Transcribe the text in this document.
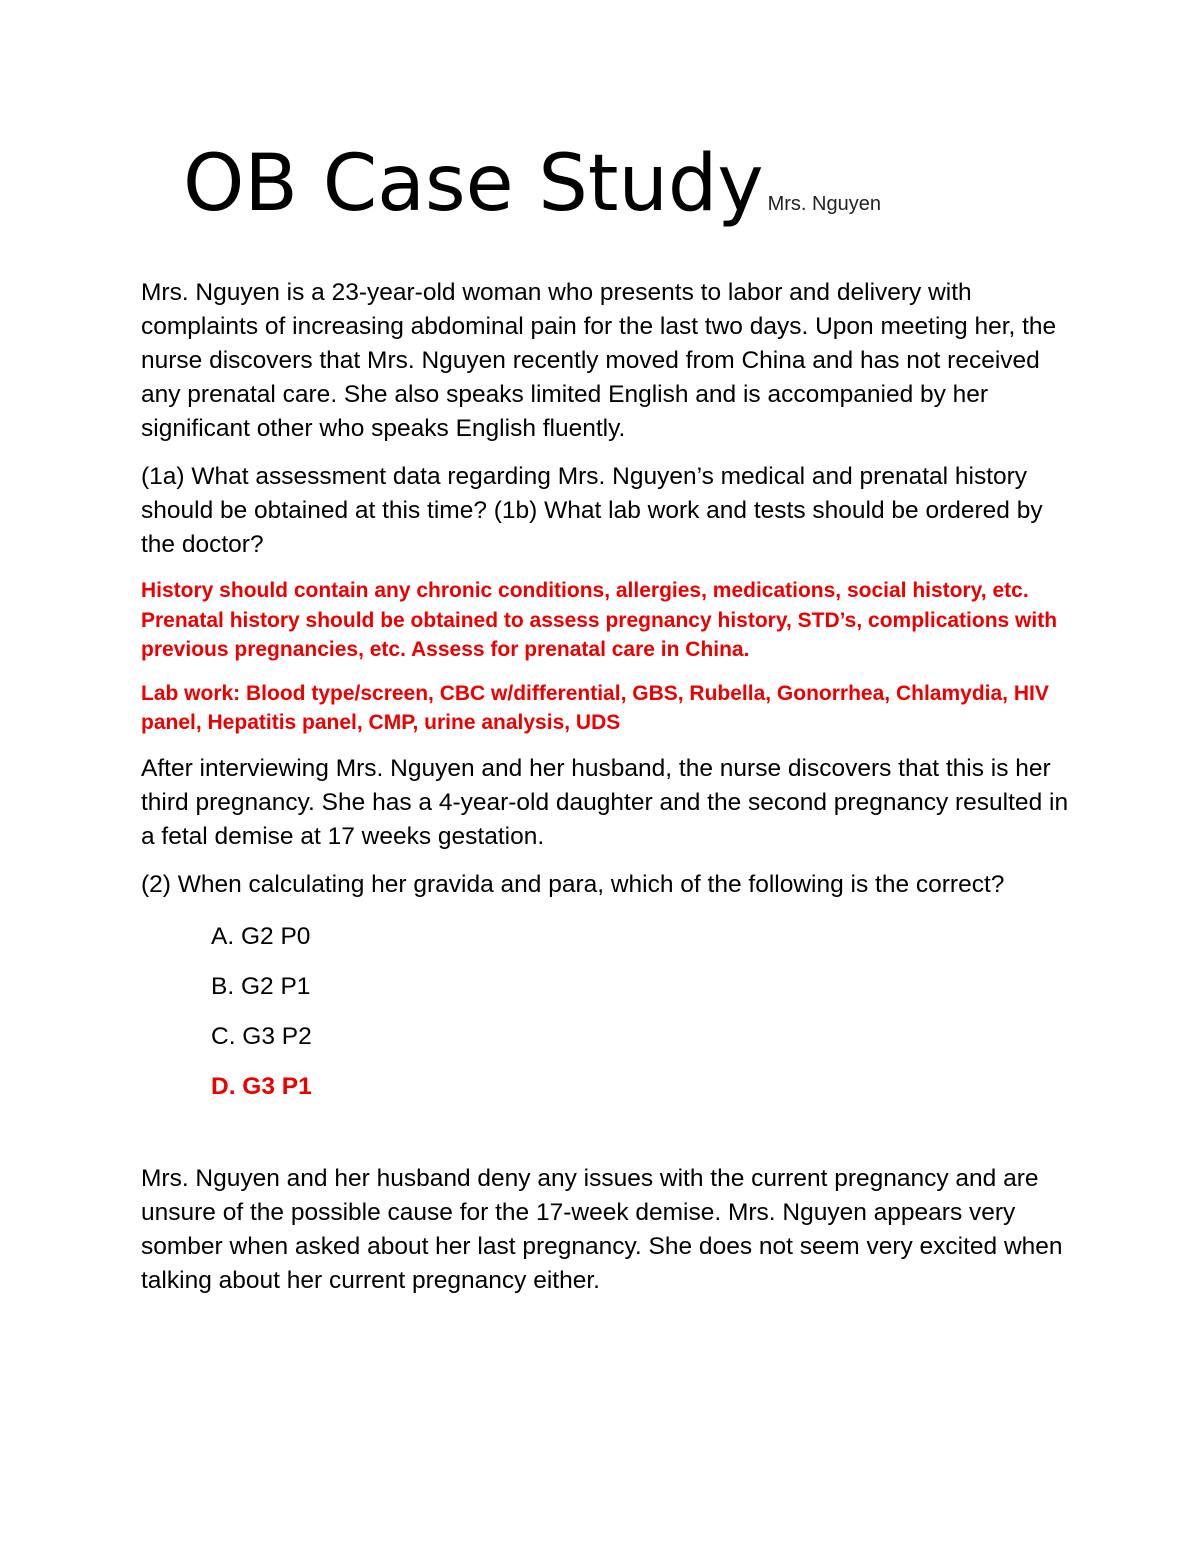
OB Case Study Mrs. Nguyen

Mrs. Nguyen is a 23-year-old woman who presents to labor and delivery with complaints of increasing abdominal pain for the last two days. Upon meeting her, the nurse discovers that Mrs. Nguyen recently moved from China and has not received any prenatal care. She also speaks limited English and is accompanied by her significant other who speaks English fluently.

(1a) What assessment data regarding Mrs. Nguyen’s medical and prenatal history should be obtained at this time? (1b) What lab work and tests should be ordered by the doctor?

History should contain any chronic conditions, allergies, medications, social history, etc. Prenatal history should be obtained to assess pregnancy history, STD’s, complications with previous pregnancies, etc. Assess for prenatal care in China.

Lab work: Blood type/screen, CBC w/differential, GBS, Rubella, Gonorrhea, Chlamydia, HIV panel, Hepatitis panel, CMP, urine analysis, UDS

After interviewing Mrs. Nguyen and her husband, the nurse discovers that this is her third pregnancy. She has a 4-year-old daughter and the second pregnancy resulted in a fetal demise at 17 weeks gestation.

(2) When calculating her gravida and para, which of the following is the correct?

A. G2 P0
B. G2 P1
C. G3 P2
D. G3 P1

Mrs. Nguyen and her husband deny any issues with the current pregnancy and are unsure of the possible cause for the 17-week demise. Mrs. Nguyen appears very somber when asked about her last pregnancy. She does not seem very excited when talking about her current pregnancy either.
